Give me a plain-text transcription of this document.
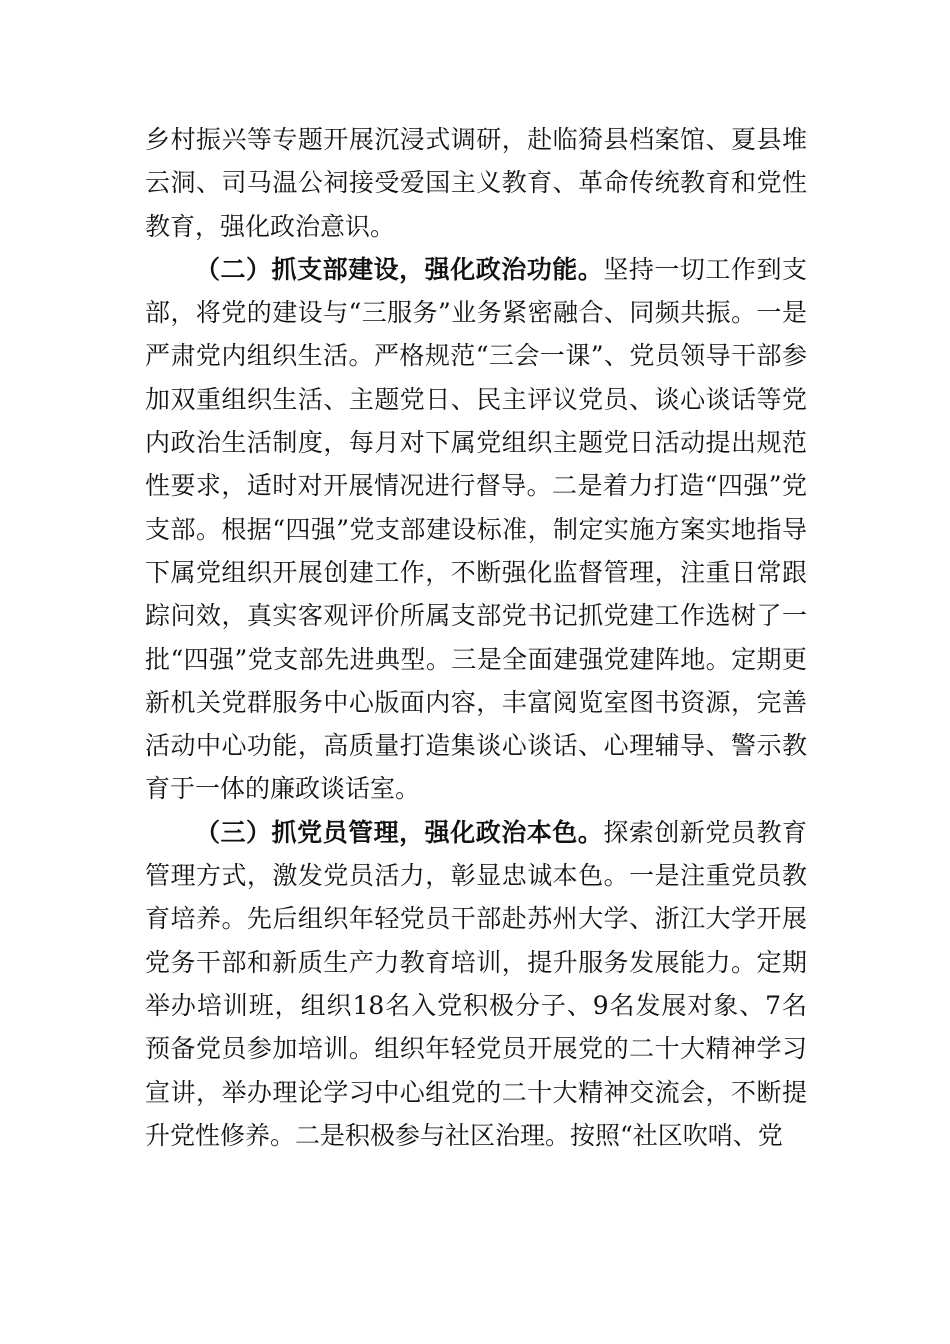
乡村振兴等专题开展沉浸式调研，赴临猗县档案馆、夏县堆云洞、司马温公祠接受爱国主义教育、革命传统教育和党性教育，强化政治意识。

（二）抓支部建设，强化政治功能。坚持一切工作到支部，将党的建设与“三服务”业务紧密融合、同频共振。一是严肃党内组织生活。严格规范“三会一课”、党员领导干部参加双重组织生活、主题党日、民主评议党员、谈心谈话等党内政治生活制度，每月对下属党组织主题党日活动提出规范性要求，适时对开展情况进行督导。二是着力打造“四强”党支部。根据“四强”党支部建设标准，制定实施方案实地指导下属党组织开展创建工作，不断强化监督管理，注重日常跟踪问效，真实客观评价所属支部党书记抓党建工作选树了一批“四强”党支部先进典型。三是全面建强党建阵地。定期更新机关党群服务中心版面内容，丰富阅览室图书资源，完善活动中心功能，高质量打造集谈心谈话、心理辅导、警示教育于一体的廉政谈话室。

（三）抓党员管理，强化政治本色。探索创新党员教育管理方式，激发党员活力，彰显忠诚本色。一是注重党员教育培养。先后组织年轻党员干部赴苏州大学、浙江大学开展党务干部和新质生产力教育培训，提升服务发展能力。定期举办培训班，组织18名入党积极分子、9名发展对象、7名预备党员参加培训。组织年轻党员开展党的二十大精神学习宣讲，举办理论学习中心组党的二十大精神交流会，不断提升党性修养。二是积极参与社区治理。按照“社区吹哨、党
